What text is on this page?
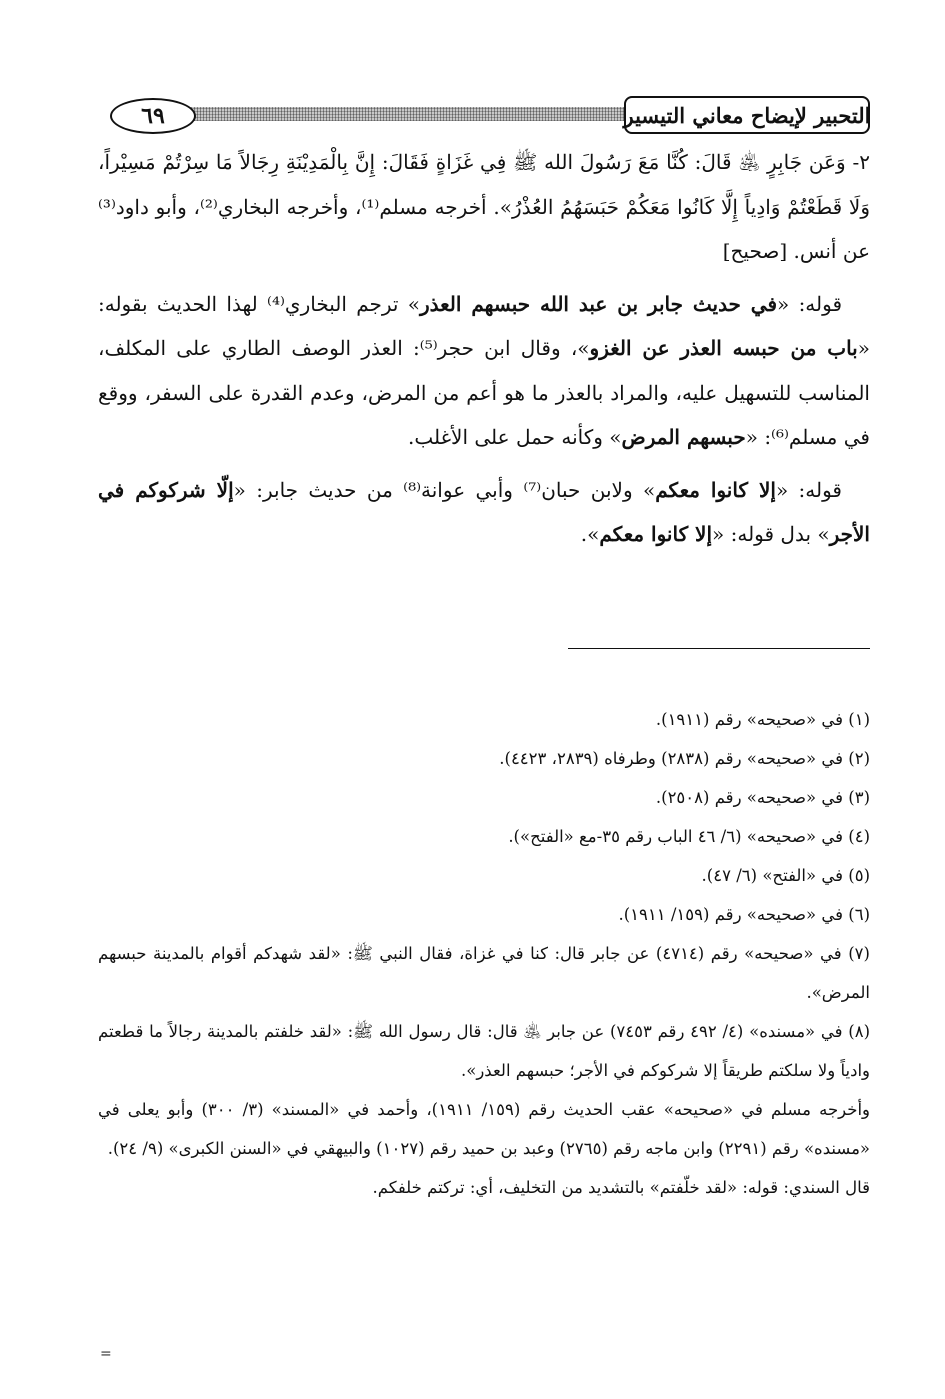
٦٩	التحبير لإيضاح معاني التيسير

٢- وَعَن جَابِرٍ ﵁ قَالَ: كُنَّا مَعَ رَسُولَ الله ﷺ فِي غَزَاةٍ فَقَالَ: إِنَّ بِالْمَدِيْنَةِ رِجَالاً مَا سِرْتُمْ مَسِيْراً، وَلَا قَطَعْتُمْ وَادِياً إِلَّا كَانُوا مَعَكُمْ حَبَسَهُمُ العُذْرُ». أخرجه مسلم⁽¹⁾، وأخرجه البخاري⁽²⁾، وأبو داود⁽³⁾ عن أنس. [صحيح]

قوله: «في حديث جابر بن عبد الله حبسهم العذر» ترجم البخاري⁽⁴⁾ لهذا الحديث بقوله: «باب من حبسه العذر عن الغزو»، وقال ابن حجر⁽⁵⁾: العذر الوصف الطاري على المكلف، المناسب للتسهيل عليه، والمراد بالعذر ما هو أعم من المرض، وعدم القدرة على السفر، ووقع في مسلم⁽⁶⁾: «حبسهم المرض» وكأنه حمل على الأغلب.

قوله: «إلا كانوا معكم» ولابن حبان⁽⁷⁾ وأبي عوانة⁽⁸⁾ من حديث جابر: «إلّا شركوكم في الأجر» بدل قوله: «إلا كانوا معكم».

(١) في «صحيحه» رقم (١٩١١).

(٢) في «صحيحه» رقم (٢٨٣٨) وطرفاه (٢٨٣٩، ٤٤٢٣).

(٣) في «صحيحه» رقم (٢٥٠٨).

(٤) في «صحيحه» (٦/ ٤٦ الباب رقم ٣٥-مع «الفتح»).

(٥) في «الفتح» (٦/ ٤٧).

(٦) في «صحيحه» رقم (١٥٩/ ١٩١١).

(٧) في «صحيحه» رقم (٤٧١٤) عن جابر قال: كنا في غزاة، فقال النبي ﷺ: «لقد شهدكم أقوام بالمدينة حبسهم المرض».

(٨) في «مسنده» (٤/ ٤٩٢ رقم ٧٤٥٣) عن جابر ﵁ قال: قال رسول الله ﷺ: «لقد خلفتم بالمدينة رجالاً ما قطعتم وادياً ولا سلكتم طريقاً إلا شركوكم في الأجر؛ حبسهم العذر».

وأخرجه مسلم في «صحيحه» عقب الحديث رقم (١٥٩/ ١٩١١)، وأحمد في «المسند» (٣/ ٣٠٠) وأبو يعلى في «مسنده» رقم (٢٢٩١) وابن ماجه رقم (٢٧٦٥) وعبد بن حميد رقم (١٠٢٧) والبيهقي في «السنن الكبرى» (٩/ ٢٤).

قال السندي: قوله: «لقد خلّفتم» بالتشديد من التخليف، أي: تركتم خلفكم.

=
